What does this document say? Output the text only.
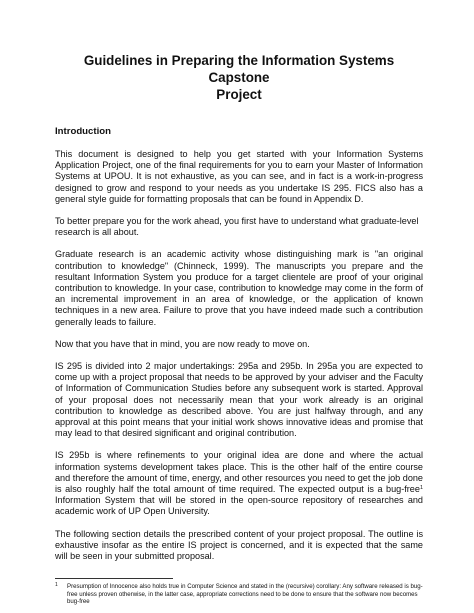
Guidelines in Preparing the Information Systems Capstone
Project
Introduction

This document is designed to help you get started with your Information Systems Application Project, one of the final requirements for you to earn your Master of Information Systems at UPOU. It is not exhaustive, as you can see, and in fact is a work-in-progress designed to grow and respond to your needs as you undertake IS 295. FICS also has a general style guide for formatting proposals that can be found in Appendix D.

To better prepare you for the work ahead, you first have to understand what graduate-level research is all about.

Graduate research is an academic activity whose distinguishing mark is "an original contribution to knowledge" (Chinneck, 1999). The manuscripts you prepare and the resultant Information System you produce for a target clientele are proof of your original contribution to knowledge. In your case, contribution to knowledge may come in the form of an incremental improvement in an area of knowledge, or the application of known techniques in a new area. Failure to prove that you have indeed made such a contribution generally leads to failure.

Now that you have that in mind, you are now ready to move on.

IS 295 is divided into 2 major undertakings: 295a and 295b. In 295a you are expected to come up with a project proposal that needs to be approved by your adviser and the Faculty of Information of Communication Studies before any subsequent work is started. Approval of your proposal does not necessarily mean that your work already is an original contribution to knowledge as described above. You are just halfway through, and any approval at this point means that your initial work shows innovative ideas and promise that may lead to that desired significant and original contribution.

IS 295b is where refinements to your original idea are done and where the actual information systems development takes place. This is the other half of the entire course and therefore the amount of time, energy, and other resources you need to get the job done is also roughly half the total amount of time required. The expected output is a bug-free$^1$ Information System that will be stored in the open-source repository of researches and academic work of UP Open University.

The following section details the prescribed content of your project proposal. The outline is exhaustive insofar as the entire IS project is concerned, and it is expected that the same will be seen in your submitted proposal.

1 Presumption of Innocence also holds true in Computer Science and stated in the (recursive) corollary: Any software released is bug-free unless proven otherwise, in the latter case, appropriate corrections need to be done to ensure that the software now becomes bug-free
